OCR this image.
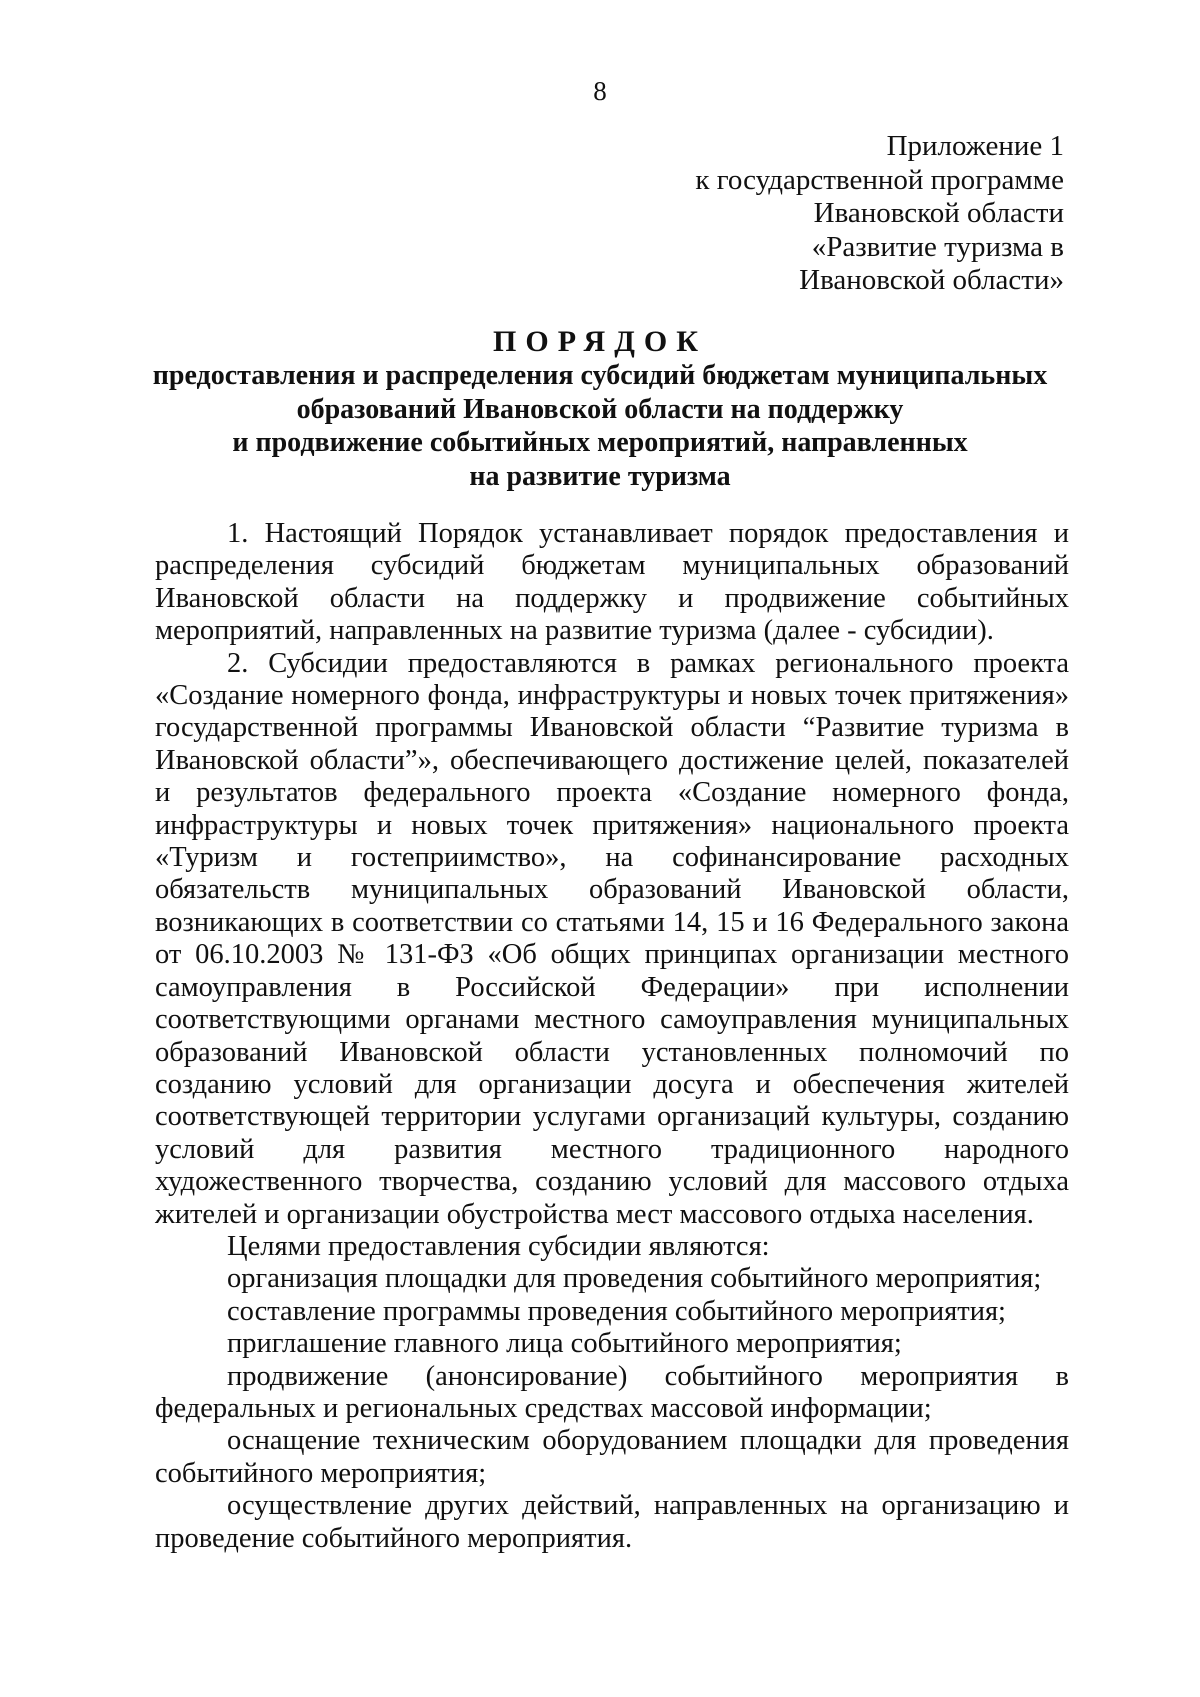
8
Приложение 1
к государственной программе
Ивановской области
«Развитие туризма в
Ивановской области»
ПОРЯДОК
предоставления и распределения субсидий бюджетам муниципальных
образований Ивановской области на поддержку
и продвижение событийных мероприятий, направленных
на развитие туризма

1. Настоящий Порядок устанавливает порядок предоставления и распределения субсидий бюджетам муниципальных образований Ивановской области на поддержку и продвижение событийных мероприятий, направленных на развитие туризма (далее - субсидии).

2. Субсидии предоставляются в рамках регионального проекта «Создание номерного фонда, инфраструктуры и новых точек притяжения» государственной программы Ивановской области “Развитие туризма в Ивановской области”», обеспечивающего достижение целей, показателей и результатов федерального проекта «Создание номерного фонда, инфраструктуры и новых точек притяжения» национального проекта «Туризм и гостеприимство», на софинансирование расходных обязательств муниципальных образований Ивановской области, возникающих в соответствии со статьями 14, 15 и 16 Федерального закона от 06.10.2003 № 131-ФЗ «Об общих принципах организации местного самоуправления в Российской Федерации» при исполнении соответствующими органами местного самоуправления муниципальных образований Ивановской области установленных полномочий по созданию условий для организации досуга и обеспечения жителей соответствующей территории услугами организаций культуры, созданию условий для развития местного традиционного народного художественного творчества, созданию условий для массового отдыха жителей и организации обустройства мест массового отдыха населения.

Целями предоставления субсидии являются:

организация площадки для проведения событийного мероприятия;

составление программы проведения событийного мероприятия;

приглашение главного лица событийного мероприятия;

продвижение (анонсирование) событийного мероприятия в федеральных и региональных средствах массовой информации;

оснащение техническим оборудованием площадки для проведения событийного мероприятия;

осуществление других действий, направленных на организацию и проведение событийного мероприятия.
